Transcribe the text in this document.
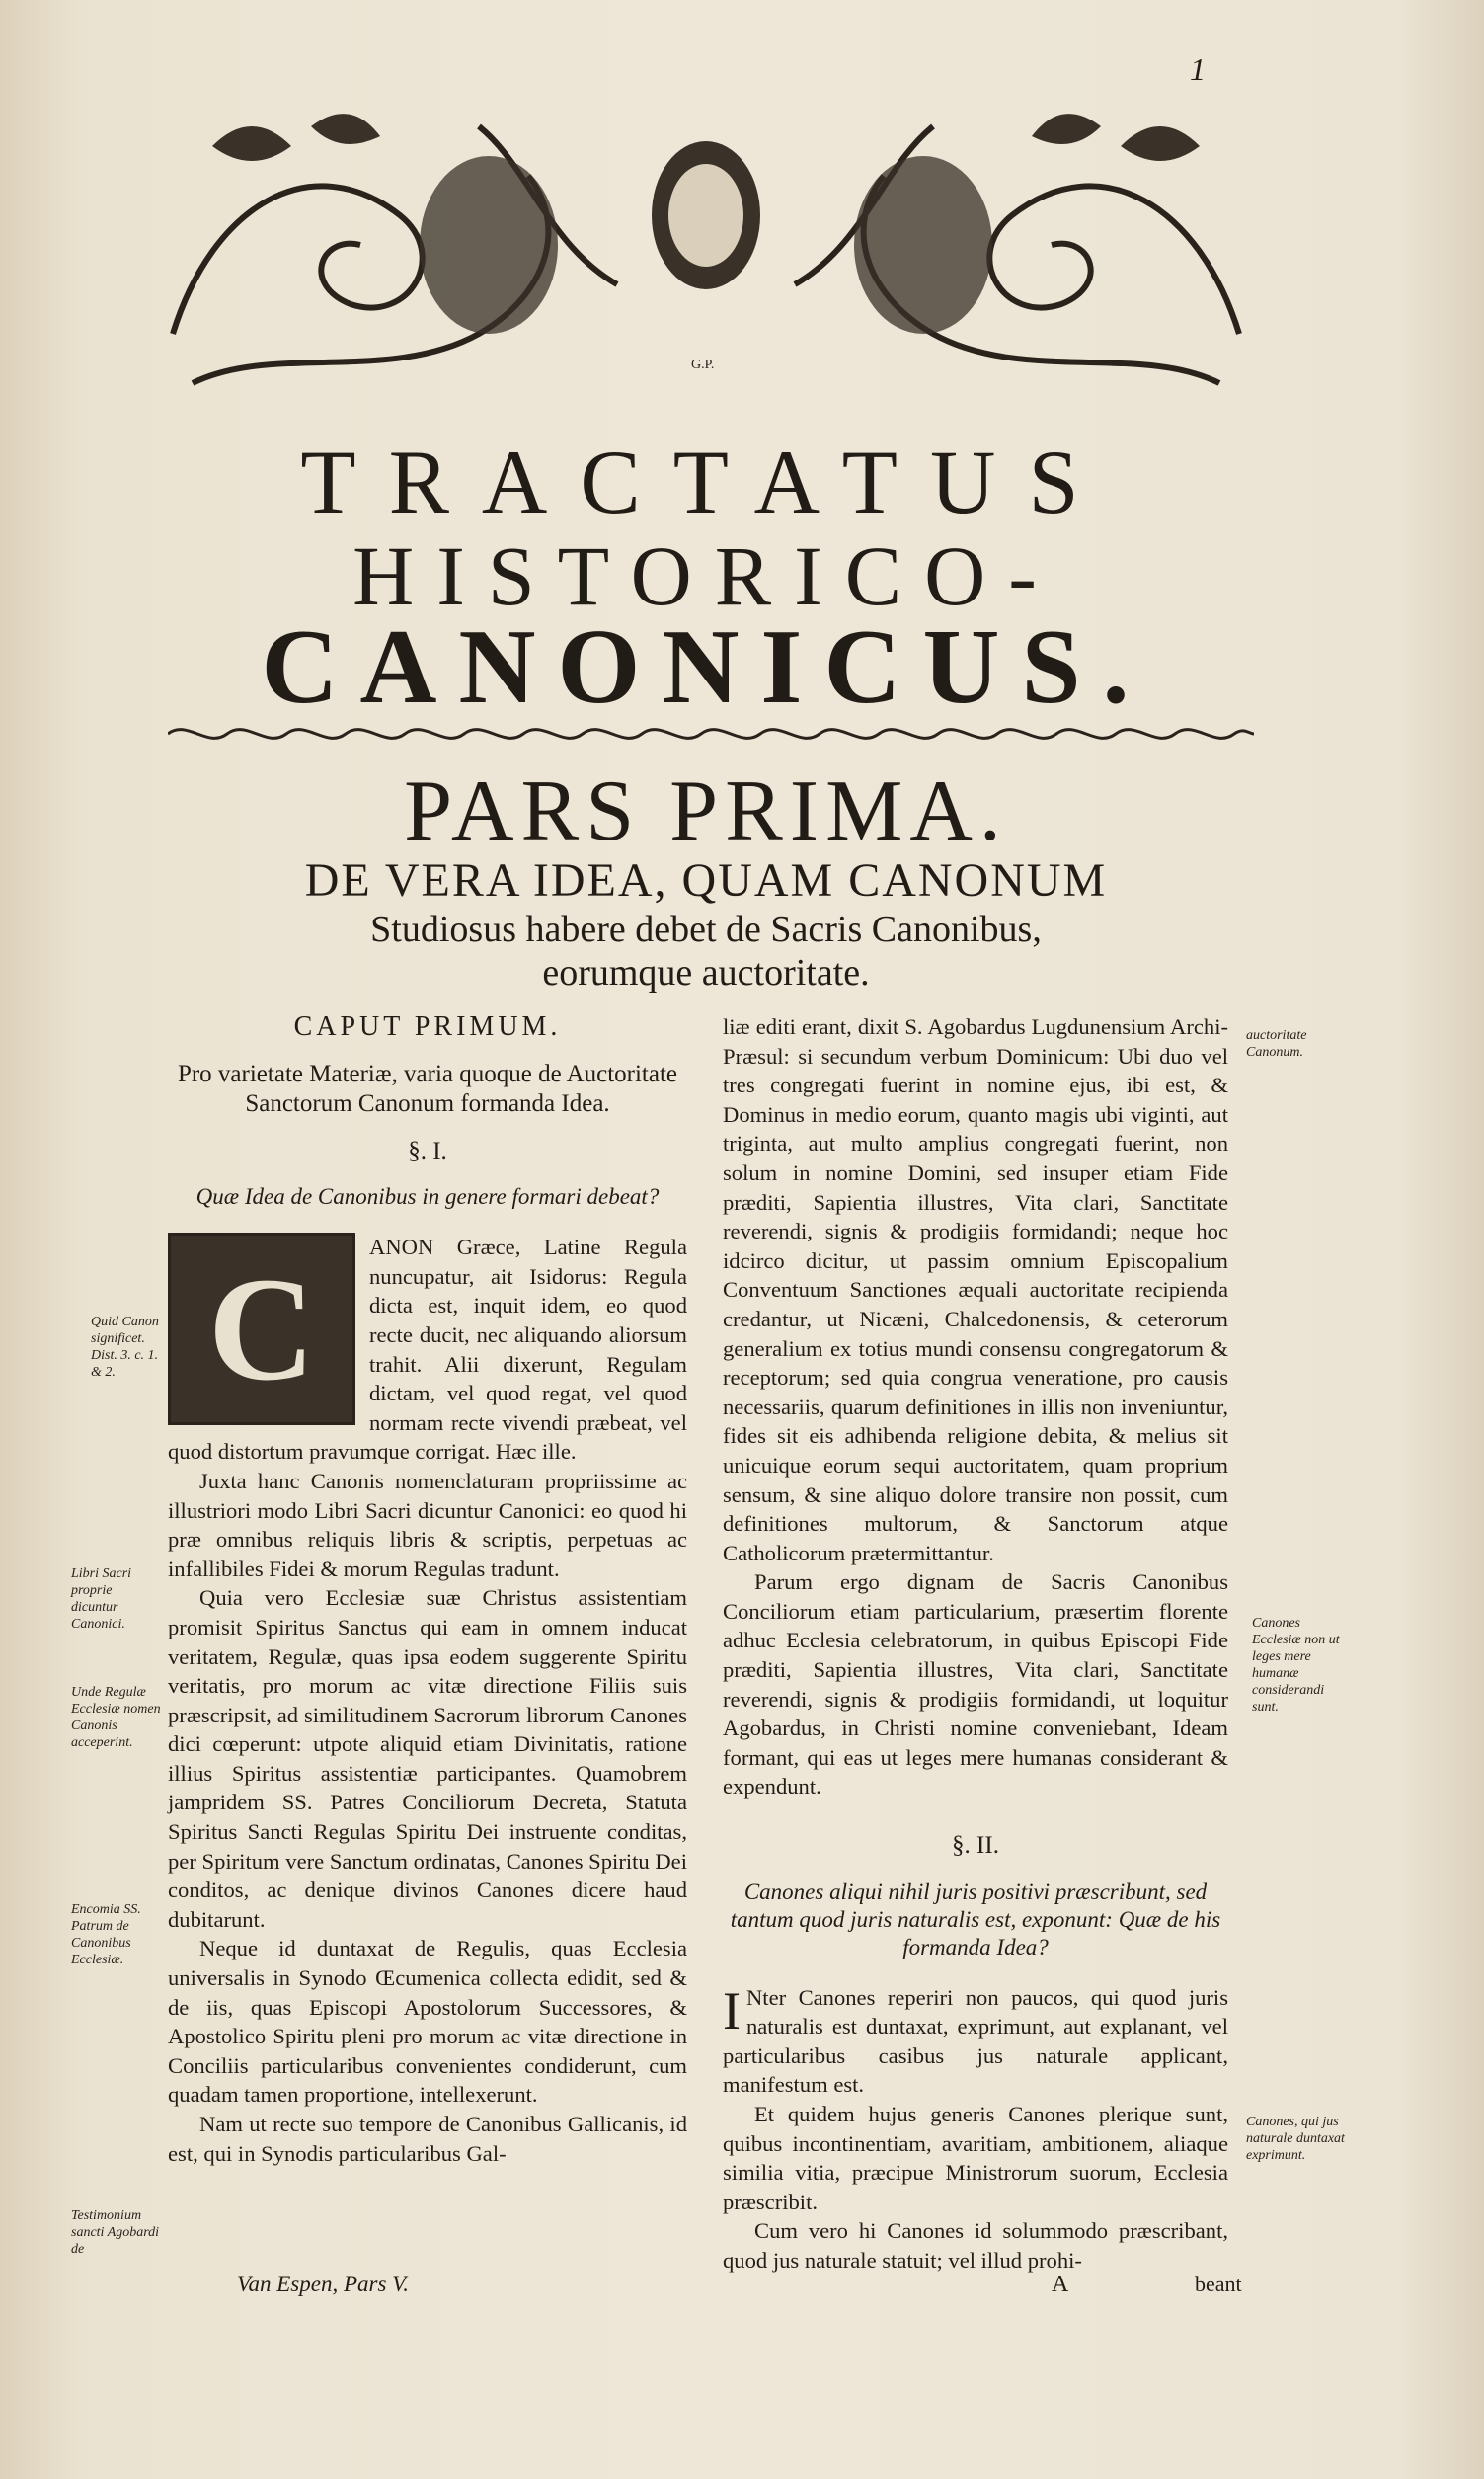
1
G.P.
TRACTATUS
HISTORICO-
CANONICUS.
PARS PRIMA.
DE VERA IDEA, QUAM CANONUM
Studiosus habere debet de Sacris Canonibus,
eorumque auctoritate.

CAPUT PRIMUM.

Pro varietate Materiæ, varia quoque de Auctoritate Sanctorum Canonum formanda Idea.

§. I.

Quæ Idea de Canonibus in genere formari debeat?

C	ANON Græce, Latine Regula nuncupatur, ait Isidorus: Regula dicta est, inquit idem, eo quod recte ducit, nec aliquando aliorsum trahit. Alii dixerunt, Regulam dictam, vel quod regat, vel quod normam recte vivendi præbeat, vel quod distortum pravumque corrigat. Hæc ille.

Juxta hanc Canonis nomenclaturam propriissime ac illustriori modo Libri Sacri dicuntur Canonici: eo quod hi præ omnibus reliquis libris & scriptis, perpetuas ac infallibiles Fidei & morum Regulas tradunt.

Quia vero Ecclesiæ suæ Christus assistentiam promisit Spiritus Sanctus qui eam in omnem inducat veritatem, Regulæ, quas ipsa eodem suggerente Spiritu veritatis, pro morum ac vitæ directione Filiis suis præscripsit, ad similitudinem Sacrorum librorum Canones dici cœperunt: utpote aliquid etiam Divinitatis, ratione illius Spiritus assistentiæ participantes. Quamobrem jampridem SS. Patres Conciliorum Decreta, Statuta Spiritus Sancti Regulas Spiritu Dei instruente conditas, per Spiritum vere Sanctum ordinatas, Canones Spiritu Dei conditos, ac denique divinos Canones dicere haud dubitarunt.

Neque id duntaxat de Regulis, quas Ecclesia universalis in Synodo Œcumenica collecta edidit, sed & de iis, quas Episcopi Apostolorum Successores, & Apostolico Spiritu pleni pro morum ac vitæ directione in Conciliis particularibus convenientes condiderunt, cum quadam tamen proportione, intellexerunt.

Nam ut recte suo tempore de Canonibus Gallicanis, id est, qui in Synodis particularibus Gal-

Quid Canon significet. Dist. 3. c. 1. & 2.
Libri Sacri proprie dicuntur Canonici.
Unde Regulæ Ecclesiæ nomen Canonis acceperint.
Encomia SS. Patrum de Canonibus Ecclesiæ.
Testimonium sancti Agobardi de
Van Espen, Pars V.

liæ editi erant, dixit S. Agobardus Lugdunensium Archi-Præsul: si secundum verbum Dominicum: Ubi duo vel tres congregati fuerint in nomine ejus, ibi est, & Dominus in medio eorum, quanto magis ubi viginti, aut triginta, aut multo amplius congregati fuerint, non solum in nomine Domini, sed insuper etiam Fide præditi, Sapientia illustres, Vita clari, Sanctitate reverendi, signis & prodigiis formidandi; neque hoc idcirco dicitur, ut passim omnium Episcopalium Conventuum Sanctiones æquali auctoritate recipienda credantur, ut Nicæni, Chalcedonensis, & ceterorum generalium ex totius mundi consensu congregatorum & receptorum; sed quia congrua veneratione, pro causis necessariis, quarum definitiones in illis non inveniuntur, fides sit eis adhibenda religione debita, & melius sit unicuique eorum sequi auctoritatem, quam proprium sensum, & sine aliquo dolore transire non possit, cum definitiones multorum, & Sanctorum atque Catholicorum prætermittantur.

Parum ergo dignam de Sacris Canonibus Conciliorum etiam particularium, præsertim florente adhuc Ecclesia celebratorum, in quibus Episcopi Fide præditi, Sapientia illustres, Vita clari, Sanctitate reverendi, signis & prodigiis formidandi, ut loquitur Agobardus, in Christi nomine conveniebant, Ideam formant, qui eas ut leges mere humanas considerant & expendunt.

§. II.

Canones aliqui nihil juris positivi præscribunt, sed tantum quod juris naturalis est, exponunt: Quæ de his formanda Idea?

I Nter Canones reperiri non paucos, qui quod juris naturalis est duntaxat, exprimunt, aut explanant, vel particularibus casibus jus naturale applicant, manifestum est.

Et quidem hujus generis Canones plerique sunt, quibus incontinentiam, avaritiam, ambitionem, aliaque similia vitia, præcipue Ministrorum suorum, Ecclesia præscribit.

Cum vero hi Canones id solummodo præscribant, quod jus naturale statuit; vel illud prohi-

auctoritate Canonum.
Canones Ecclesiæ non ut leges mere humanæ considerandi sunt.
Canones, qui jus naturale duntaxat exprimunt.
A	beant
